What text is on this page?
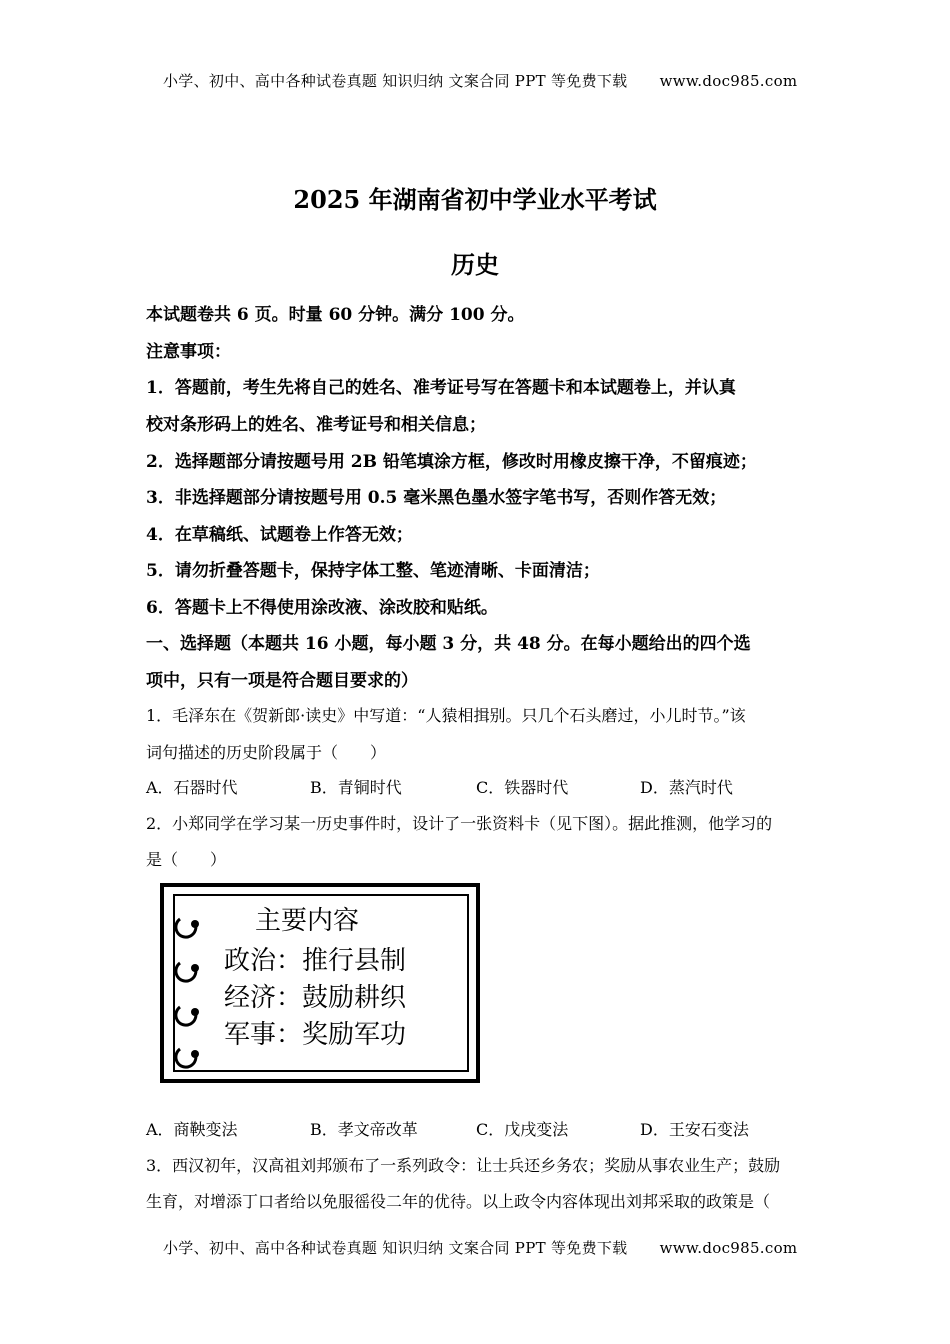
小学、初中、高中各种试卷真题 知识归纳 文案合同 PPT 等免费下载 www.doc985.com
2025 年湖南省初中学业水平考试
历史
本试题卷共 6 页。时量 60 分钟。满分 100 分。
注意事项：
1．答题前，考生先将自己的姓名、准考证号写在答题卡和本试题卷上，并认真
校对条形码上的姓名、准考证号和相关信息；
2．选择题部分请按题号用 2B 铅笔填涂方框，修改时用橡皮擦干净，不留痕迹；
3．非选择题部分请按题号用 0.5 毫米黑色墨水签字笔书写，否则作答无效；
4．在草稿纸、试题卷上作答无效；
5．请勿折叠答题卡，保持字体工整、笔迹清晰、卡面清洁；
6．答题卡上不得使用涂改液、涂改胶和贴纸。
一、选择题（本题共 16 小题，每小题 3 分，共 48 分。在每小题给出的四个选
项中，只有一项是符合题目要求的）
1．毛泽东在《贺新郎·读史》中写道：“人猿相揖别。只几个石头磨过，小儿时节。”该
词句描述的历史阶段属于（　　）
A．石器时代	B．青铜时代	C．铁器时代	D．蒸汽时代
2．小郑同学在学习某一历史事件时，设计了一张资料卡（见下图）。据此推测，他学习的
是（　　）
主要内容
政治：推行县制
经济：鼓励耕织
军事：奖励军功
A．商鞅变法	B．孝文帝改革	C．戊戌变法	D．王安石变法
3．西汉初年，汉高祖刘邦颁布了一系列政令：让士兵还乡务农；奖励从事农业生产；鼓励
生育，对增添丁口者给以免服徭役二年的优待。以上政令内容体现出刘邦采取的政策是（
小学、初中、高中各种试卷真题 知识归纳 文案合同 PPT 等免费下载 www.doc985.com
